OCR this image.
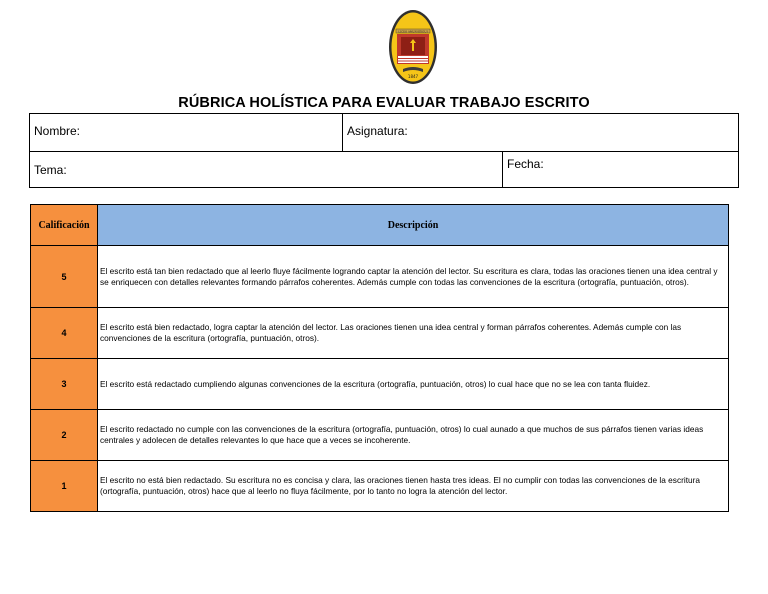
LICEO AMUNÁTEGUI
1847
RÚBRICA HOLÍSTICA PARA EVALUAR TRABAJO ESCRITO
Nombre:	Asignatura:
Tema:	Fecha:
Calificación	Descripción
5	El escrito está tan bien redactado que al leerlo fluye fácilmente logrando captar la atención del lector. Su escritura es clara, todas las oraciones tienen una idea central y se enriquecen con detalles relevantes formando párrafos coherentes. Además cumple con todas las convenciones de la escritura (ortografía, puntuación, otros).
4	El escrito está bien redactado, logra captar la atención del lector. Las oraciones tienen una idea central y forman párrafos coherentes. Además cumple con las convenciones de la escritura (ortografía, puntuación, otros).
3	El escrito está redactado cumpliendo algunas convenciones de la escritura (ortografía, puntuación, otros) lo cual hace que no se lea con tanta fluidez.
2	El escrito redactado no cumple con las convenciones de la escritura (ortografía, puntuación, otros) lo cual aunado a que muchos de sus párrafos tienen varias ideas centrales y adolecen de detalles relevantes lo que hace que a veces se incoherente.
1	El escrito no está bien redactado. Su escritura no es concisa y clara, las oraciones tienen hasta tres ideas. El no cumplir con todas las convenciones de la escritura (ortografía, puntuación, otros) hace que al leerlo no fluya fácilmente, por lo tanto no logra la atención del lector.
